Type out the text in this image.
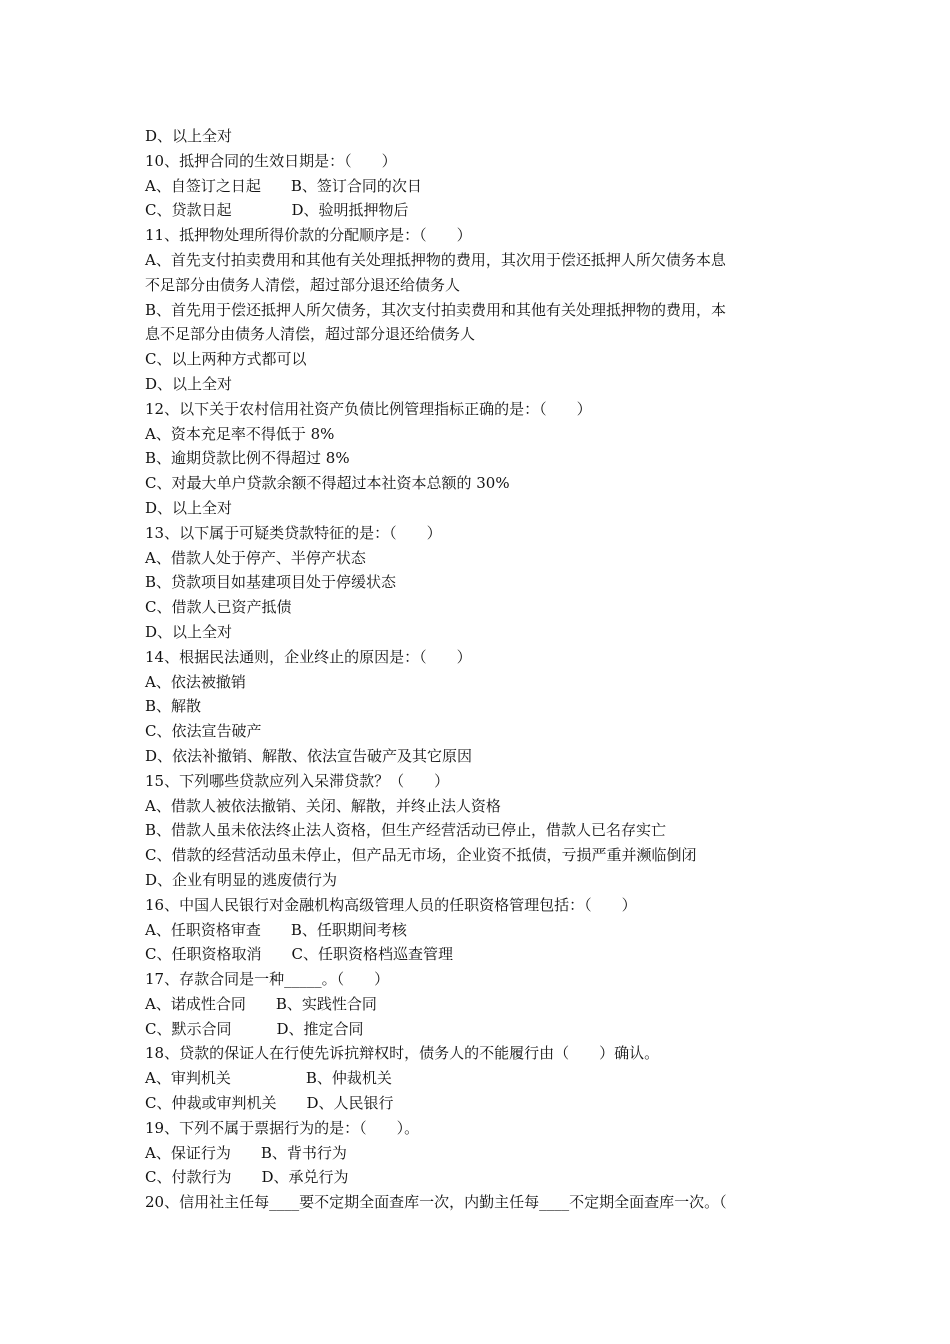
D、以上全对
10、抵押合同的生效日期是：（　　）
A、自签订之日起　　B、签订合同的次日
C、贷款日起　　　　D、验明抵押物后
11、抵押物处理所得价款的分配顺序是：（　　）
A、首先支付拍卖费用和其他有关处理抵押物的费用，其次用于偿还抵押人所欠债务本息
不足部分由债务人清偿，超过部分退还给债务人
B、首先用于偿还抵押人所欠债务，其次支付拍卖费用和其他有关处理抵押物的费用，本
息不足部分由债务人清偿，超过部分退还给债务人
C、以上两种方式都可以
D、以上全对
12、以下关于农村信用社资产负债比例管理指标正确的是：（　　）
A、资本充足率不得低于 8%
B、逾期贷款比例不得超过 8%
C、对最大单户贷款余额不得超过本社资本总额的 30%
D、以上全对
13、以下属于可疑类贷款特征的是：（　　）
A、借款人处于停产、半停产状态
B、贷款项目如基建项目处于停缓状态
C、借款人已资产抵债
D、以上全对
14、根据民法通则，企业终止的原因是：（　　）
A、依法被撤销
B、解散
C、依法宣告破产
D、依法补撤销、解散、依法宣告破产及其它原因
15、下列哪些贷款应列入呆滞贷款？（　　）
A、借款人被依法撤销、关闭、解散，并终止法人资格
B、借款人虽未依法终止法人资格，但生产经营活动已停止，借款人已名存实亡
C、借款的经营活动虽未停止，但产品无市场，企业资不抵债，亏损严重并濒临倒闭
D、企业有明显的逃废债行为
16、中国人民银行对金融机构高级管理人员的任职资格管理包括：（　　）
A、任职资格审查　　B、任职期间考核
C、任职资格取消　　C、任职资格档巡查管理
17、存款合同是一种_____。（　　）
A、诺成性合同　　B、实践性合同
C、默示合同　　　D、推定合同
18、贷款的保证人在行使先诉抗辩权时，债务人的不能履行由（　　）确认。
A、审判机关　　　　　B、仲裁机关
C、仲裁或审判机关　　D、人民银行
19、下列不属于票据行为的是：（　　）。
A、保证行为　　B、背书行为
C、付款行为　　D、承兑行为
20、信用社主任每____要不定期全面查库一次，内勤主任每____不定期全面查库一次。（
